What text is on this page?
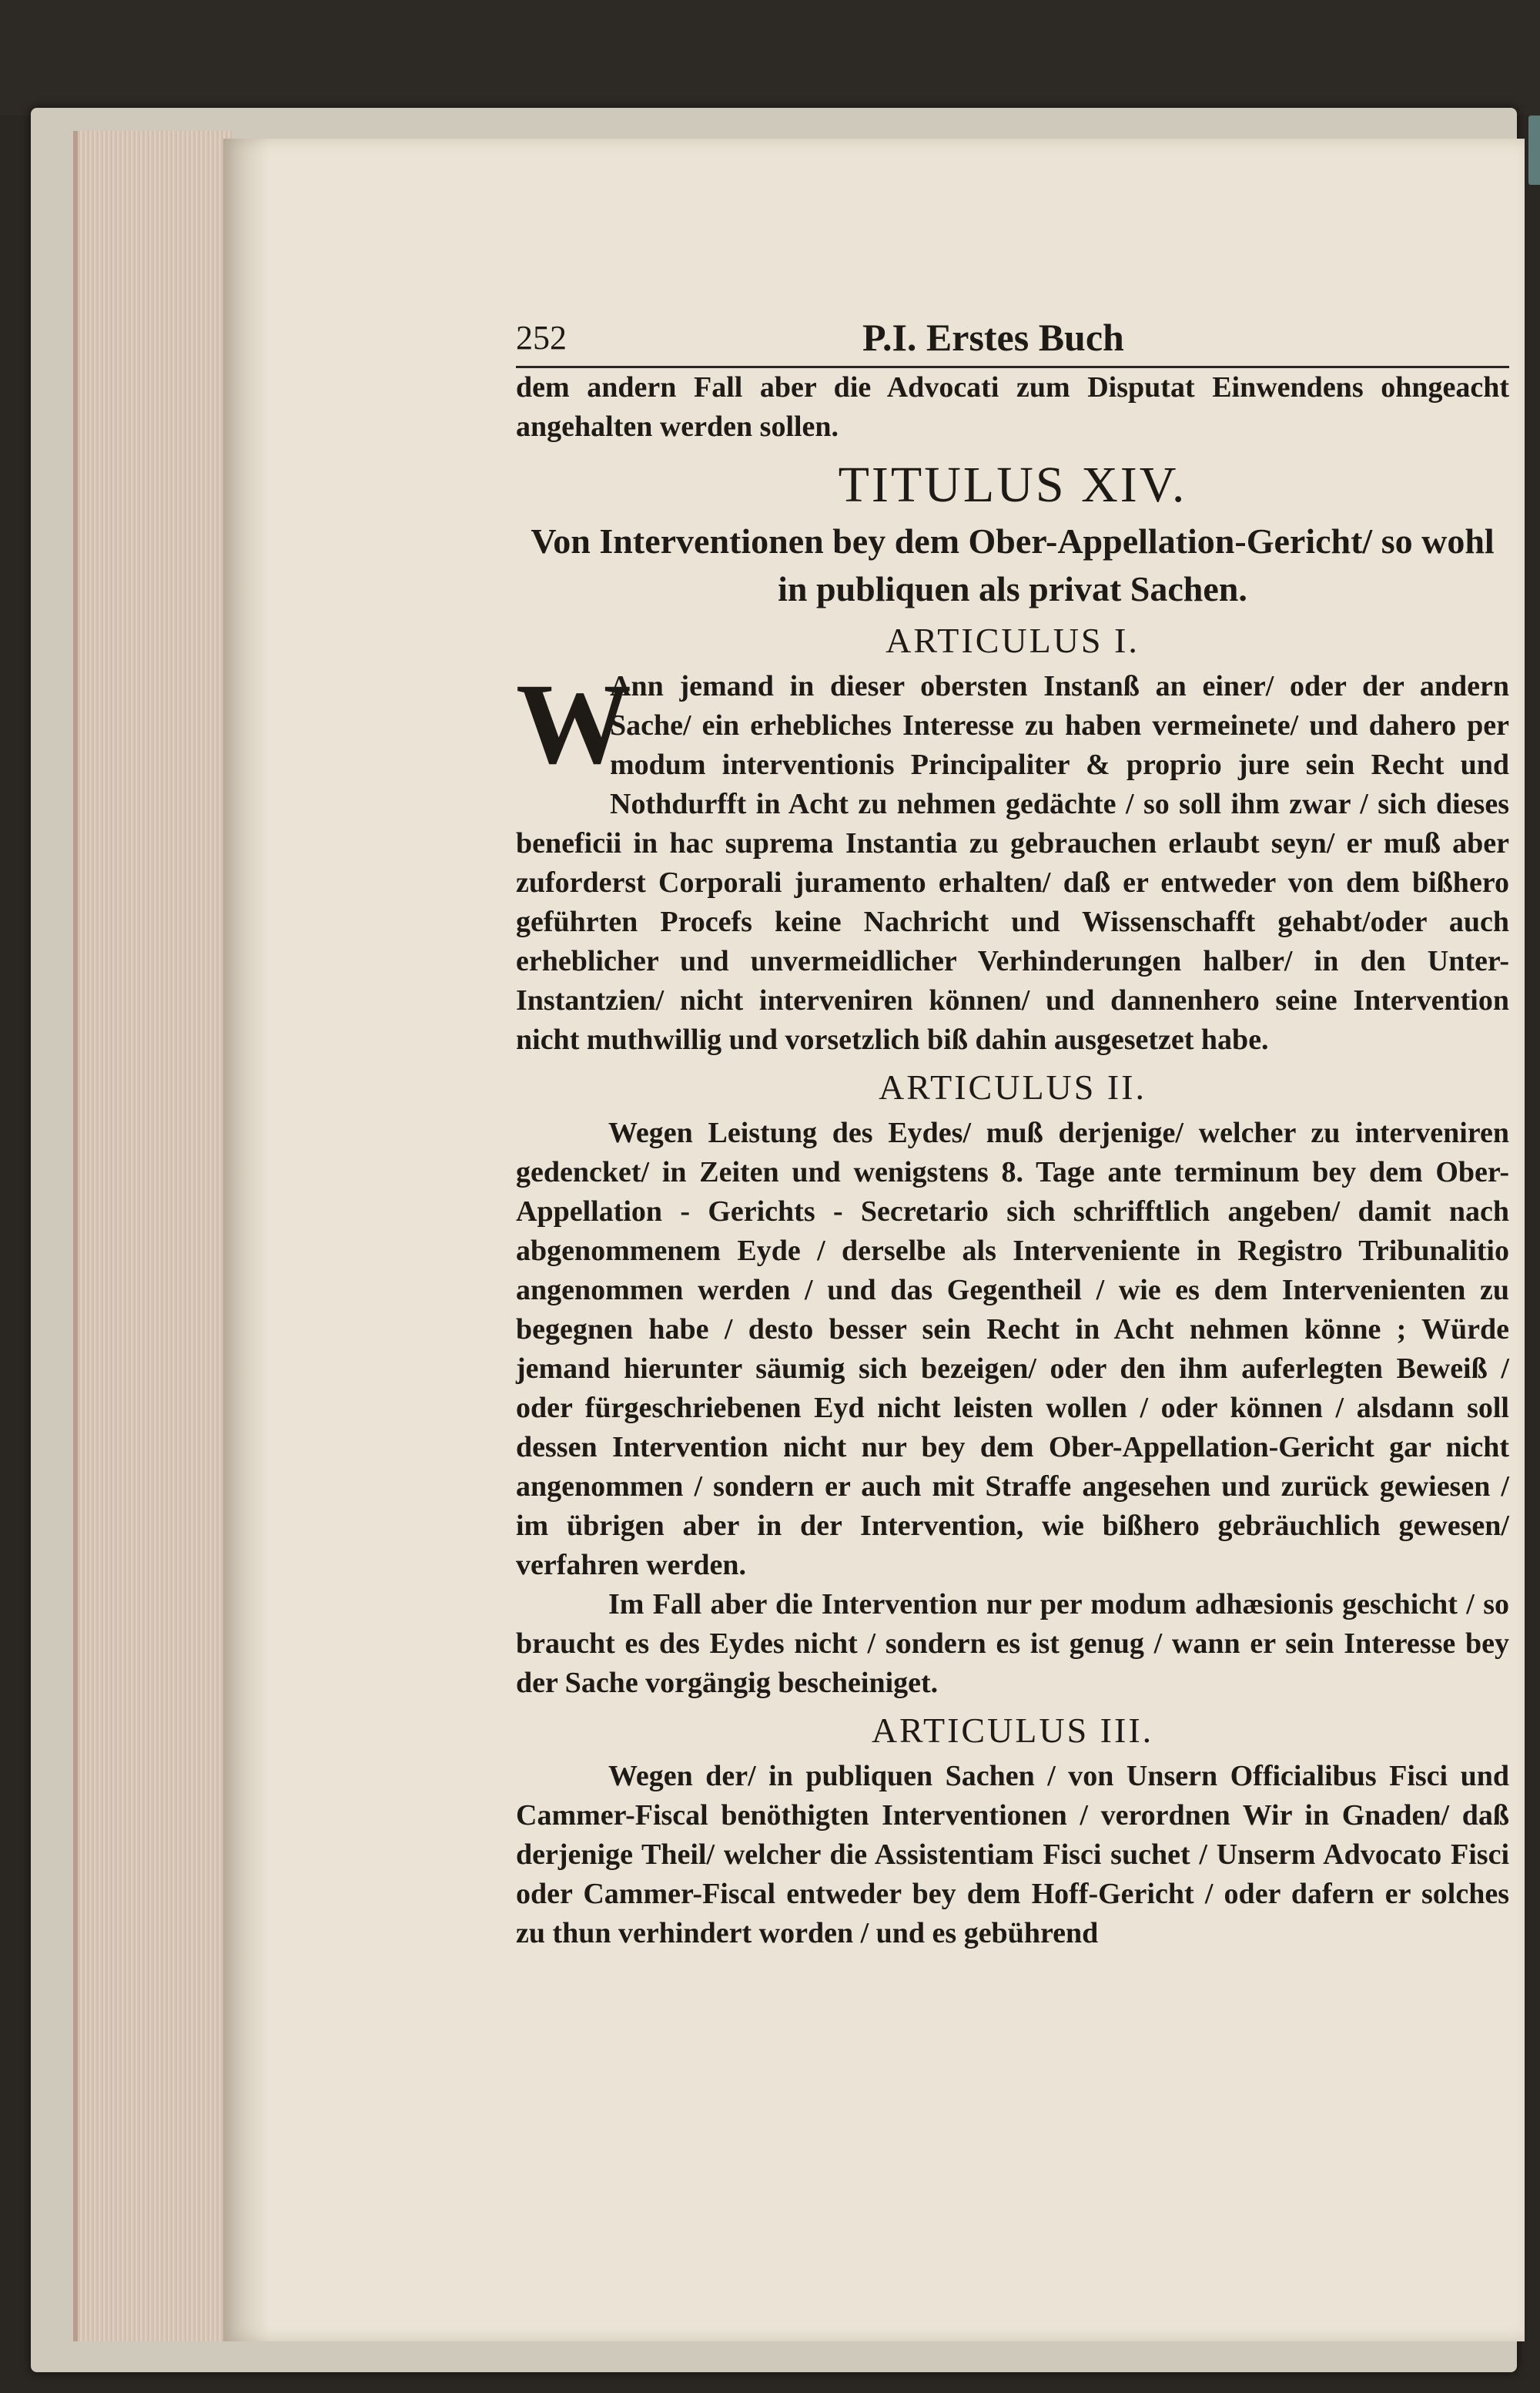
252	P.I. Erstes Buch

dem andern Fall aber die Advocati zum Disputat Einwendens ohngeacht angehalten werden sollen.

TITULUS XIV.
Von Interventionen bey dem Ober-Appellation-Gericht/ so wohl in publiquen als privat Sachen.
ARTICULUS I.
W

Ann jemand in dieser obersten Instanß an einer/ oder der andern Sache/ ein erhebliches Interesse zu haben vermeinete/ und dahero per modum interventionis Principaliter & proprio jure sein Recht und Nothdurfft in Acht zu nehmen gedächte / so soll ihm zwar / sich dieses beneficii in hac suprema Instantia zu gebrauchen erlaubt seyn/ er muß aber zuforderst Corporali juramento erhalten/ daß er entweder von dem bißhero geführten Procefs keine Nachricht und Wissenschafft gehabt/oder auch erheblicher und unvermeidlicher Verhinderungen halber/ in den Unter-Instantzien/ nicht interveniren können/ und dannenhero seine Intervention nicht muthwillig und vorsetzlich biß dahin ausgesetzet habe.

ARTICULUS II.

Wegen Leistung des Eydes/ muß derjenige/ welcher zu interveniren gedencket/ in Zeiten und wenigstens 8. Tage ante terminum bey dem Ober-Appellation - Gerichts - Secretario sich schrifftlich angeben/ damit nach abgenommenem Eyde / derselbe als Interveniente in Registro Tribunalitio angenommen werden / und das Gegentheil / wie es dem Intervenienten zu begegnen habe / desto besser sein Recht in Acht nehmen könne ; Würde jemand hierunter säumig sich bezeigen/ oder den ihm auferlegten Beweiß / oder fürgeschriebenen Eyd nicht leisten wollen / oder können / alsdann soll dessen Intervention nicht nur bey dem Ober-Appellation-Gericht gar nicht angenommen / sondern er auch mit Straffe angesehen und zurück gewiesen / im übrigen aber in der Intervention, wie bißhero gebräuchlich gewesen/ verfahren werden.

Im Fall aber die Intervention nur per modum adhæsionis geschicht / so braucht es des Eydes nicht / sondern es ist genug / wann er sein Interesse bey der Sache vorgängig bescheiniget.

ARTICULUS III.

Wegen der/ in publiquen Sachen / von Unsern Officialibus Fisci und Cammer-Fiscal benöthigten Interventionen / verordnen Wir in Gnaden/ daß derjenige Theil/ welcher die Assistentiam Fisci suchet / Unserm Advocato Fisci oder Cammer-Fiscal entweder bey dem Hoff-Gericht / oder dafern er solches zu thun verhindert worden / und es gebührend
